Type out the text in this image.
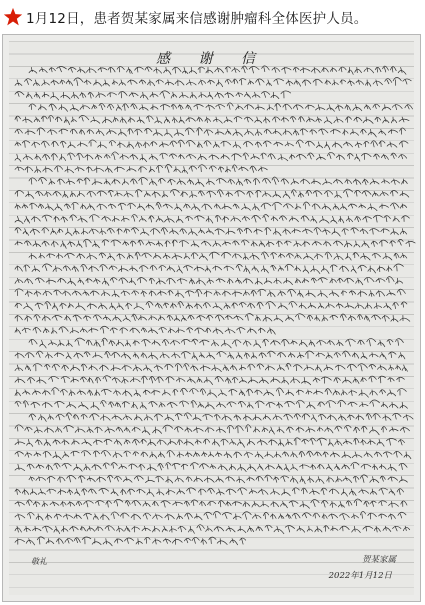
1月12日，患者贺某家属来信感谢肿瘤科全体医护人员。
感 谢 信
敬礼	贺某家属
2022年1月12日
